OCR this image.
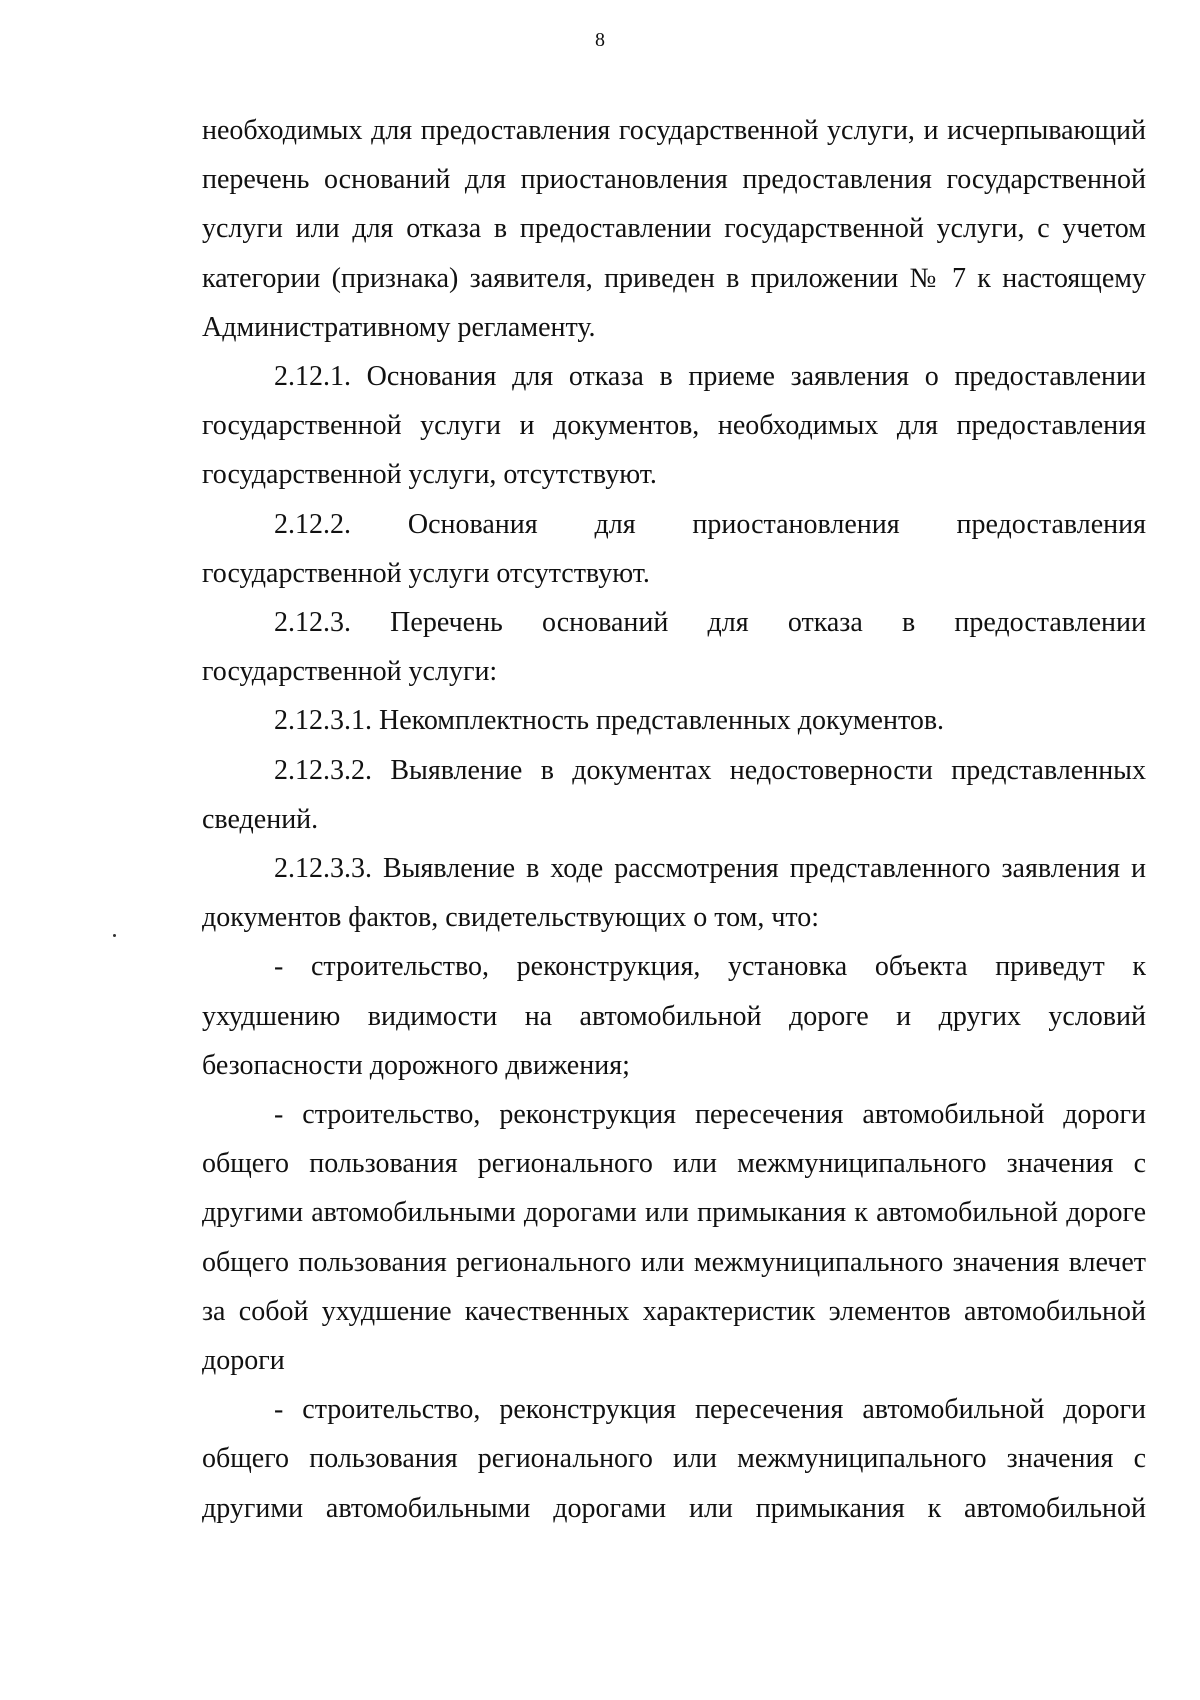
8

необходимых для предоставления государственной услуги, и исчерпывающий перечень оснований для приостановления предоставления государственной услуги или для отказа в предоставлении государственной услуги, с учетом категории (признака) заявителя, приведен в приложении № 7 к настоящему Административному регламенту.

2.12.1. Основания для отказа в приеме заявления о предоставлении государственной услуги и документов, необходимых для предоставления государственной услуги, отсутствуют.

2.12.2. Основания для приостановления предоставления государственной услуги отсутствуют.

2.12.3. Перечень оснований для отказа в предоставлении государственной услуги:

2.12.3.1. Некомплектность представленных документов.

2.12.3.2. Выявление в документах недостоверности представленных сведений.

2.12.3.3. Выявление в ходе рассмотрения представленного заявления и документов фактов, свидетельствующих о том, что:

- строительство, реконструкция, установка объекта приведут к ухудшению видимости на автомобильной дороге и других условий безопасности дорожного движения;

- строительство, реконструкция пересечения автомобильной дороги общего пользования регионального или межмуниципального значения с другими автомобильными дорогами или примыкания к автомобильной дороге общего пользования регионального или межмуниципального значения влечет за собой ухудшение качественных характеристик элементов автомобильной дороги

- строительство, реконструкция пересечения автомобильной дороги общего пользования регионального или межмуниципального значения с другими автомобильными дорогами или примыкания к автомобильной
